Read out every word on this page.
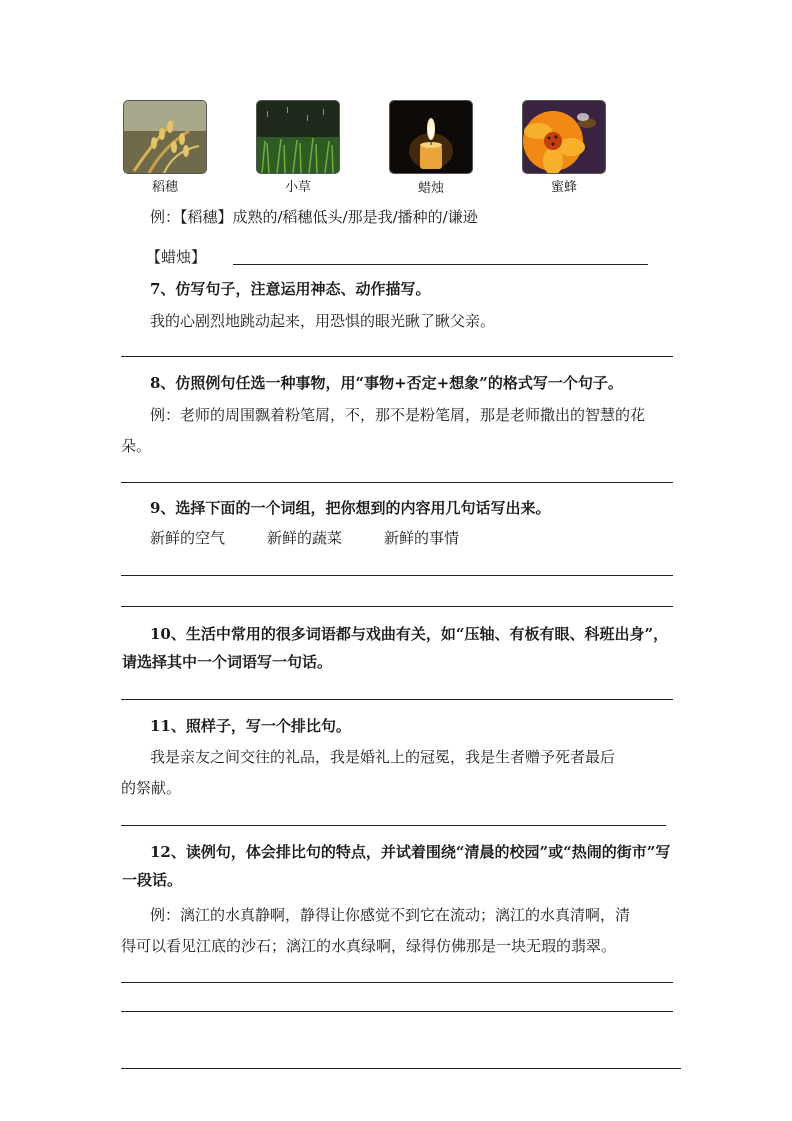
稻穗	小草	蜡烛	蜜蜂
例：【稻穗】成熟的/稻穗低头/那是我/播种的/谦逊
【蜡烛】
7、仿写句子，注意运用神态、动作描写。
我的心剧烈地跳动起来，用恐惧的眼光瞅了瞅父亲。
8、仿照例句任选一种事物，用“事物+否定+想象”的格式写一个句子。
例：老师的周围飘着粉笔屑，不，那不是粉笔屑，那是老师撒出的智慧的花
朵。
9、选择下面的一个词组，把你想到的内容用几句话写出来。
新鲜的空气	新鲜的蔬菜	新鲜的事情
10、生活中常用的很多词语都与戏曲有关，如“压轴、有板有眼、科班出身”，请选择其中一个词语写一句话。
11、照样子，写一个排比句。
我是亲友之间交往的礼品，我是婚礼上的冠冕，我是生者赠予死者最后
的祭献。
12、读例句，体会排比句的特点，并试着围绕“清晨的校园”或“热闹的街市”写一段话。
例：漓江的水真静啊，静得让你感觉不到它在流动；漓江的水真清啊，清
得可以看见江底的沙石；漓江的水真绿啊，绿得仿佛那是一块无瑕的翡翠。
